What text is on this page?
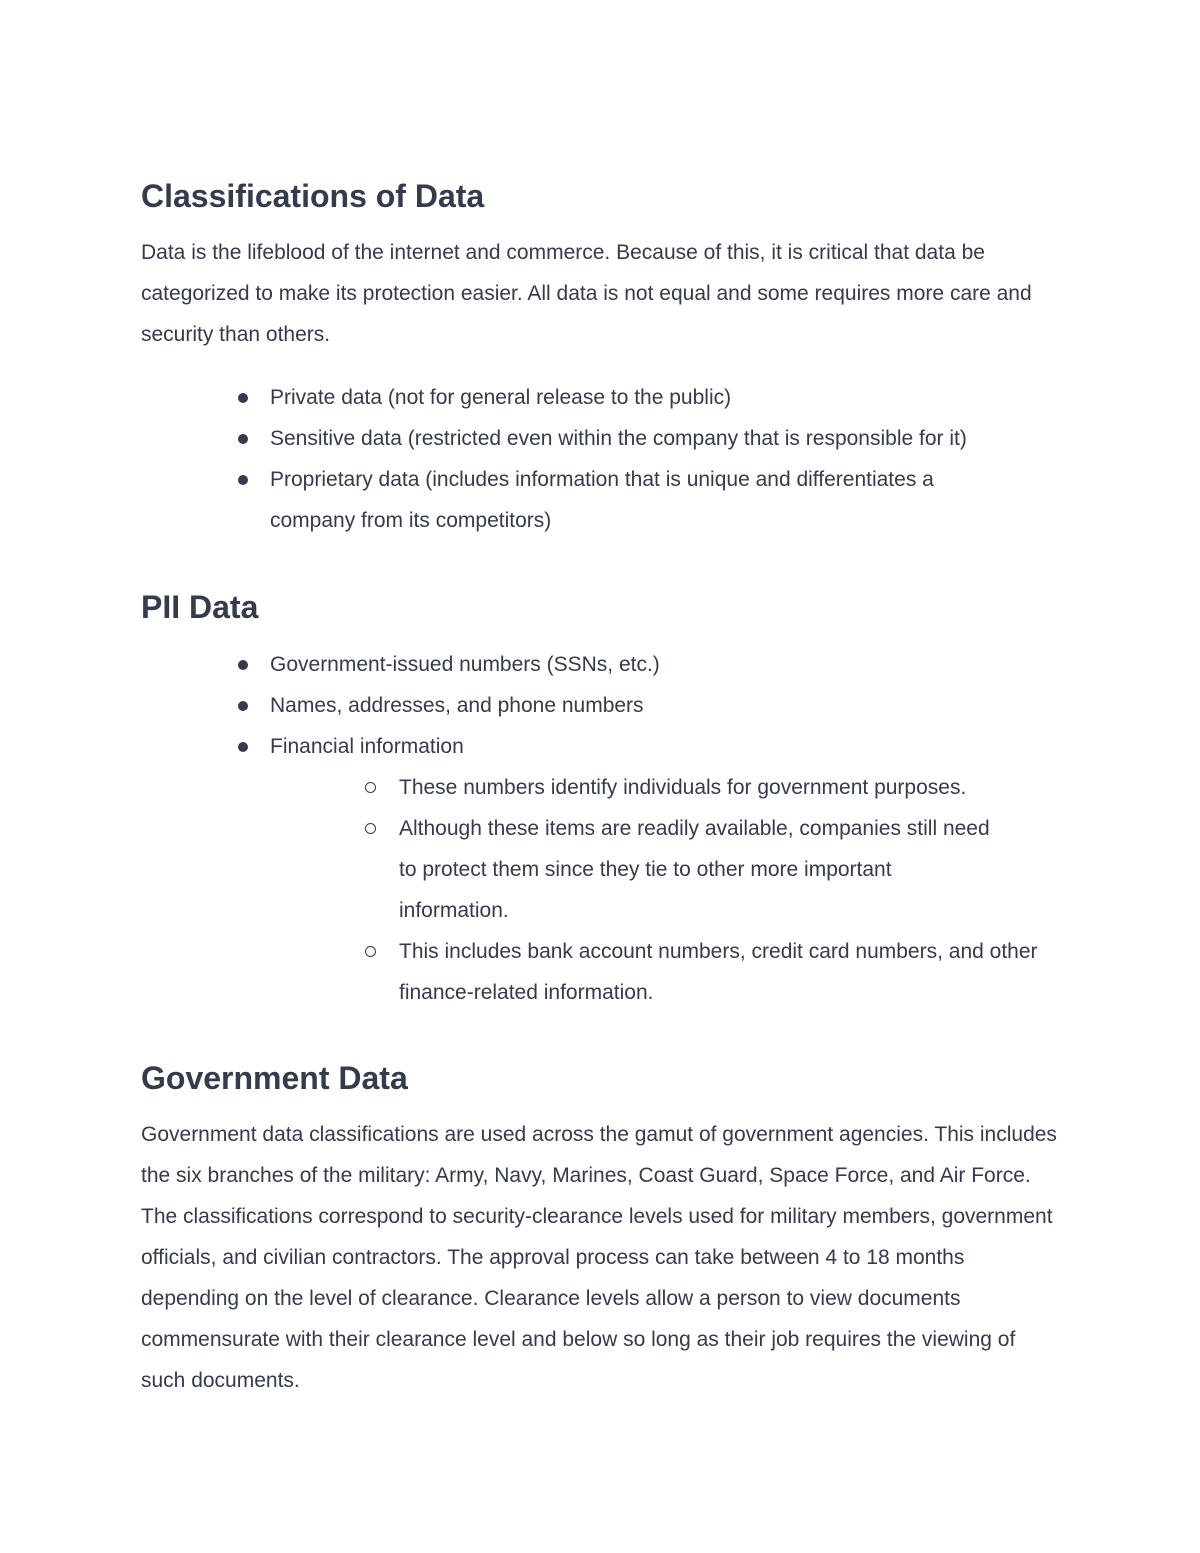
Classifications of Data

Data is the lifeblood of the internet and commerce. Because of this, it is critical that data be categorized to make its protection easier. All data is not equal and some requires more care and security than others.

Private data (not for general release to the public)
Sensitive data (restricted even within the company that is responsible for it)
Proprietary data (includes information that is unique and differentiates a company from its competitors)
PII Data
Government-issued numbers (SSNs, etc.)
Names, addresses, and phone numbers
Financial information
These numbers identify individuals for government purposes.
Although these items are readily available, companies still need to protect them since they tie to other more important information.
This includes bank account numbers, credit card numbers, and other finance-related information.
Government Data

Government data classifications are used across the gamut of government agencies. This includes the six branches of the military: Army, Navy, Marines, Coast Guard, Space Force, and Air Force. The classifications correspond to security-clearance levels used for military members, government officials, and civilian contractors. The approval process can take between 4 to 18 months depending on the level of clearance. Clearance levels allow a person to view documents commensurate with their clearance level and below so long as their job requires the viewing of such documents.
